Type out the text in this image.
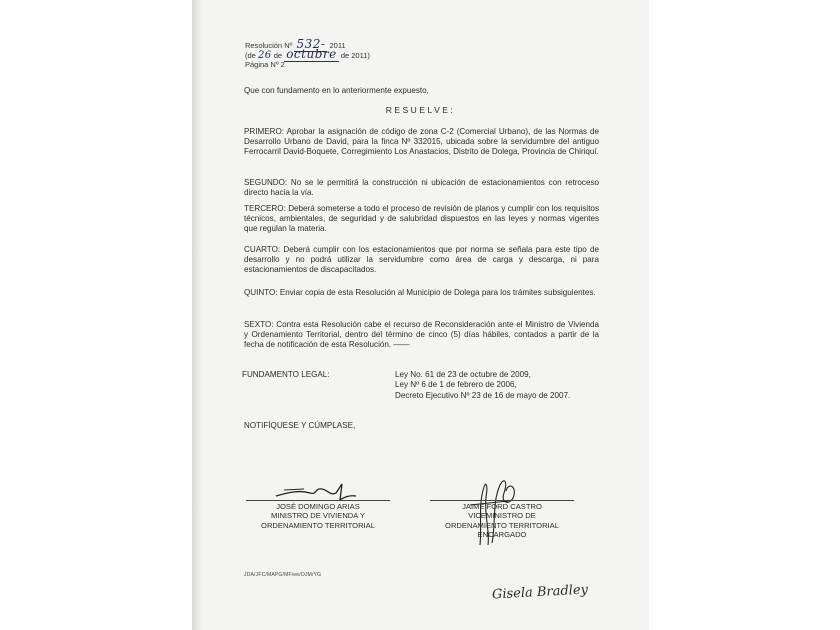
Resolución Nº 532- 2011
(de 26 de octubre de 2011)
Página Nº 2
Que con fundamento en lo anteriormente expuesto,
RESUELVE:
PRIMERO: Aprobar la asignación de código de zona C-2 (Comercial Urbano), de las Normas de Desarrollo Urbano de David, para la finca Nº 332015, ubicada sobre la servidumbre del antiguo Ferrocarril David-Boquete, Corregimiento Los Anastacios, Distrito de Dolega, Provincia de Chiriquí.
SEGUNDO: No se le permitirá la construcción ni ubicación de estacionamientos con retroceso directo hacia la vía.
TERCERO: Deberá someterse a todo el proceso de revisión de planos y cumplir con los requisitos técnicos, ambientales, de seguridad y de salubridad dispuestos en las leyes y normas vigentes que regulan la materia.
CUARTO: Deberá cumplir con los estacionamientos que por norma se señala para este tipo de desarrollo y no podrá utilizar la servidumbre como área de carga y descarga, ni para estacionamientos de discapacitados.
QUINTO: Enviar copia de esta Resolución al Municipio de Dolega para los trámites subsiguientes.
SEXTO: Contra esta Resolución cabe el recurso de Reconsideración ante el Ministro de Vivienda y Ordenamiento Territorial, dentro del término de cinco (5) días hábiles, contados a partir de la fecha de notificación de esta Resolución. ——
FUNDAMENTO LEGAL:	Ley No. 61 de 23 de octubre de 2009,
Ley Nº 6 de 1 de febrero de 2006,
Decreto Ejecutivo Nº 23 de 16 de mayo de 2007.
NOTIFÍQUESE Y CÚMPLASE,
JOSÉ DOMINGO ARIAS
MINISTRO DE VIVIENDA Y
ORDENAMIENTO TERRITORIAL
JAIME FORD CASTRO
VICEMINISTRO DE
ORDENAMIENTO TERRITORIAL
ENCARGADO
JDA/JFC/MAPG/MF/ee/OJM/YG
Gisela Bradley
